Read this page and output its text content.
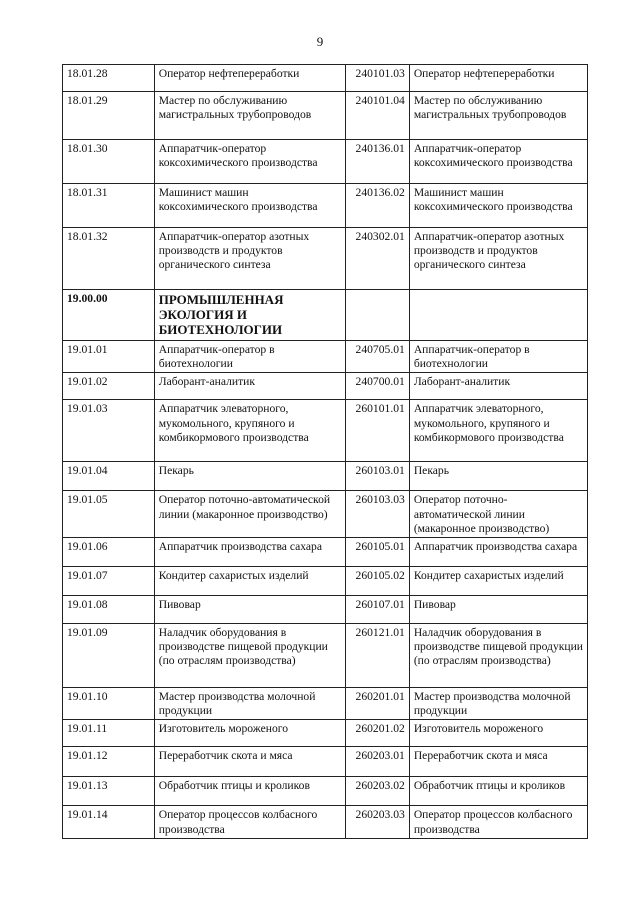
9
18.01.28	Оператор нефтепереработки	240101.03	Оператор нефтепереработки
18.01.29	Мастер по обслуживанию магистральных трубопроводов	240101.04	Мастер по обслуживанию магистральных трубопроводов
18.01.30	Аппаратчик-оператор коксохимического производства	240136.01	Аппаратчик-оператор коксохимического производства
18.01.31	Машинист машин коксохимического производства	240136.02	Машинист машин коксохимического производства
18.01.32	Аппаратчик-оператор азотных производств и продуктов органического синтеза	240302.01	Аппаратчик-оператор азотных производств и продуктов органического синтеза
19.00.00	ПРОМЫШЛЕННАЯ ЭКОЛОГИЯ И БИОТЕХНОЛОГИИ		
19.01.01	Аппаратчик-оператор в биотехнологии	240705.01	Аппаратчик-оператор в биотехнологии
19.01.02	Лаборант-аналитик	240700.01	Лаборант-аналитик
19.01.03	Аппаратчик элеваторного, мукомольного, крупяного и комбикормового производства	260101.01	Аппаратчик элеваторного, мукомольного, крупяного и комбикормового производства
19.01.04	Пекарь	260103.01	Пекарь
19.01.05	Оператор поточно-автоматической линии (макаронное производство)	260103.03	Оператор поточно-автоматической линии (макаронное производство)
19.01.06	Аппаратчик производства сахара	260105.01	Аппаратчик производства сахара
19.01.07	Кондитер сахаристых изделий	260105.02	Кондитер сахаристых изделий
19.01.08	Пивовар	260107.01	Пивовар
19.01.09	Наладчик оборудования в производстве пищевой продукции (по отраслям производства)	260121.01	Наладчик оборудования в производстве пищевой продукции (по отраслям производства)
19.01.10	Мастер производства молочной продукции	260201.01	Мастер производства молочной продукции
19.01.11	Изготовитель мороженого	260201.02	Изготовитель мороженого
19.01.12	Переработчик скота и мяса	260203.01	Переработчик скота и мяса
19.01.13	Обработчик птицы и кроликов	260203.02	Обработчик птицы и кроликов
19.01.14	Оператор процессов колбасного производства	260203.03	Оператор процессов колбасного производства
